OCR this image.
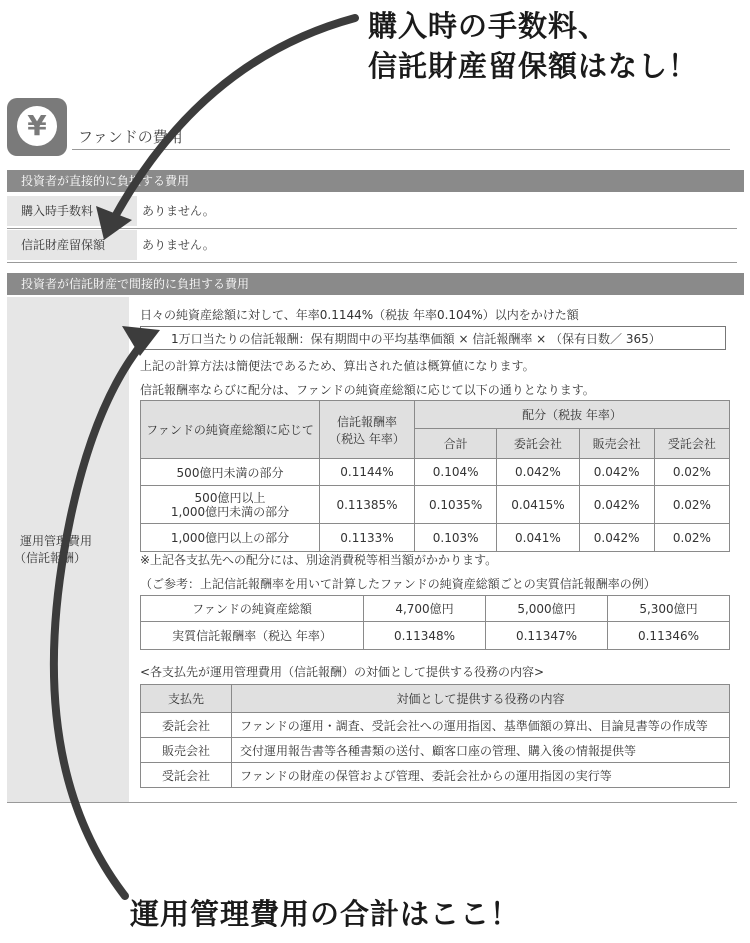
購入時の手数料、
信託財産留保額はなし！
¥	ファンドの費用
投資者が直接的に負担する費用
購入時手数料	ありません。
信託財産留保額	ありません。
投資者が信託財産で間接的に負担する費用
運用管理費用
（信託報酬）
日々の純資産総額に対して、年率0.1144%（税抜 年率0.104%）以内をかけた額
1万口当たりの信託報酬：保有期間中の平均基準価額 × 信託報酬率 × （保有日数／ 365）
上記の計算方法は簡便法であるため、算出された値は概算値になります。
信託報酬率ならびに配分は、ファンドの純資産総額に応じて以下の通りとなります。
ファンドの純資産総額に応じて	信託報酬率
（税込 年率）	配分（税抜 年率）			
		合計	委託会社	販売会社	受託会社

500億円未満の部分	0.1144%	0.104%	0.042%	0.042%	0.02%

500億円以上
1,000億円未満の部分	0.11385%	0.1035%	0.0415%	0.042%	0.02%

1,000億円以上の部分	0.1133%	0.103%	0.041%	0.042%	0.02%
※上記各支払先への配分には、別途消費税等相当額がかかります。
（ご参考：上記信託報酬率を用いて計算したファンドの純資産総額ごとの実質信託報酬率の例）
ファンドの純資産総額	4,700億円	5,000億円	5,300億円
実質信託報酬率（税込 年率）	0.11348%	0.11347%	0.11346%
<各支払先が運用管理費用（信託報酬）の対価として提供する役務の内容>
支払先	対価として提供する役務の内容
委託会社	ファンドの運用・調査、受託会社への運用指図、基準価額の算出、目論見書等の作成等
販売会社	交付運用報告書等各種書類の送付、顧客口座の管理、購入後の情報提供等
受託会社	ファンドの財産の保管および管理、委託会社からの運用指図の実行等
運用管理費用の合計はここ！
